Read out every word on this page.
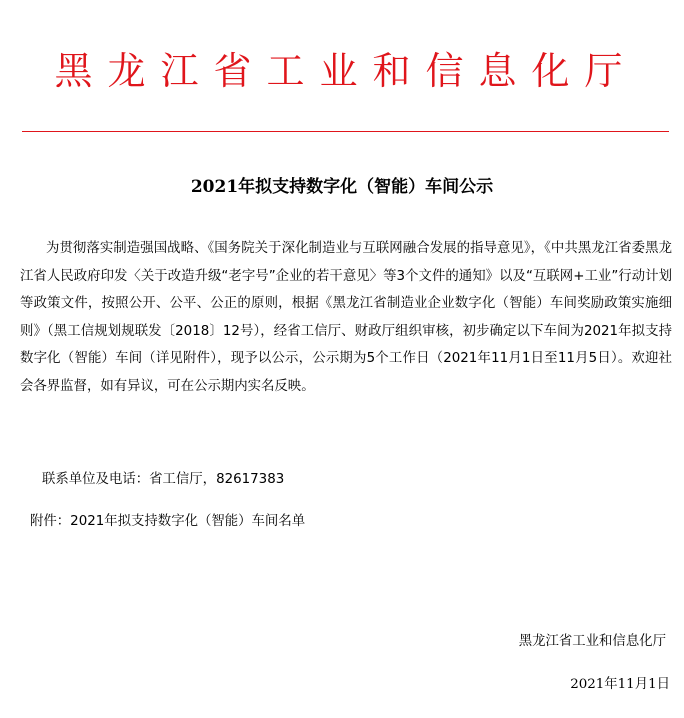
黑龙江省工业和信息化厅
2021年拟支持数字化（智能）车间公示

为贯彻落实制造强国战略、《国务院关于深化制造业与互联网融合发展的指导意见》，《中共黑龙江省委黑龙江省人民政府印发〈关于改造升级“老字号”企业的若干意见〉等3个文件的通知》以及“互联网+工业”行动计划等政策文件，按照公开、公平、公正的原则，根据《黑龙江省制造业企业数字化（智能）车间奖励政策实施细则》（黑工信规划规联发〔2018〕12号），经省工信厅、财政厅组织审核，初步确定以下车间为2021年拟支持数字化（智能）车间（详见附件），现予以公示，公示期为5个工作日（2021年11月1日至11月5日）。欢迎社会各界监督，如有异议，可在公示期内实名反映。

联系单位及电话：省工信厅，82617383
附件：2021年拟支持数字化（智能）车间名单
黑龙江省工业和信息化厅
2021年11月1日
